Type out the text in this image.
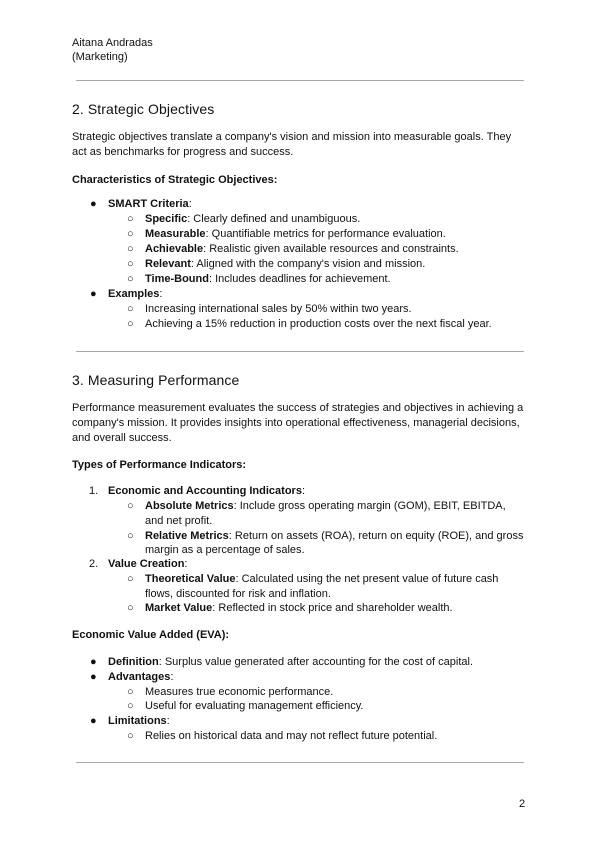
Aitana Andradas
(Marketing)
2. Strategic Objectives

Strategic objectives translate a company's vision and mission into measurable goals. They

act as benchmarks for progress and success.

Characteristics of Strategic Objectives:

● SMART Criteria:
○ Specific: Clearly defined and unambiguous.
○ Measurable: Quantifiable metrics for performance evaluation.
○ Achievable: Realistic given available resources and constraints.
○ Relevant: Aligned with the company's vision and mission.
○ Time-Bound: Includes deadlines for achievement.
● Examples:
○ Increasing international sales by 50% within two years.
○ Achieving a 15% reduction in production costs over the next fiscal year.
3. Measuring Performance

Performance measurement evaluates the success of strategies and objectives in achieving a

company's mission. It provides insights into operational effectiveness, managerial decisions,

and overall success.

Types of Performance Indicators:

1. Economic and Accounting Indicators:
○ Absolute Metrics: Include gross operating margin (GOM), EBIT, EBITDA,
and net profit.
○ Relative Metrics: Return on assets (ROA), return on equity (ROE), and gross
margin as a percentage of sales.
2. Value Creation:
○ Theoretical Value: Calculated using the net present value of future cash
flows, discounted for risk and inflation.
○ Market Value: Reflected in stock price and shareholder wealth.

Economic Value Added (EVA):

● Definition: Surplus value generated after accounting for the cost of capital.
● Advantages:
○ Measures true economic performance.
○ Useful for evaluating management efficiency.
● Limitations:
○ Relies on historical data and may not reflect future potential.
2
